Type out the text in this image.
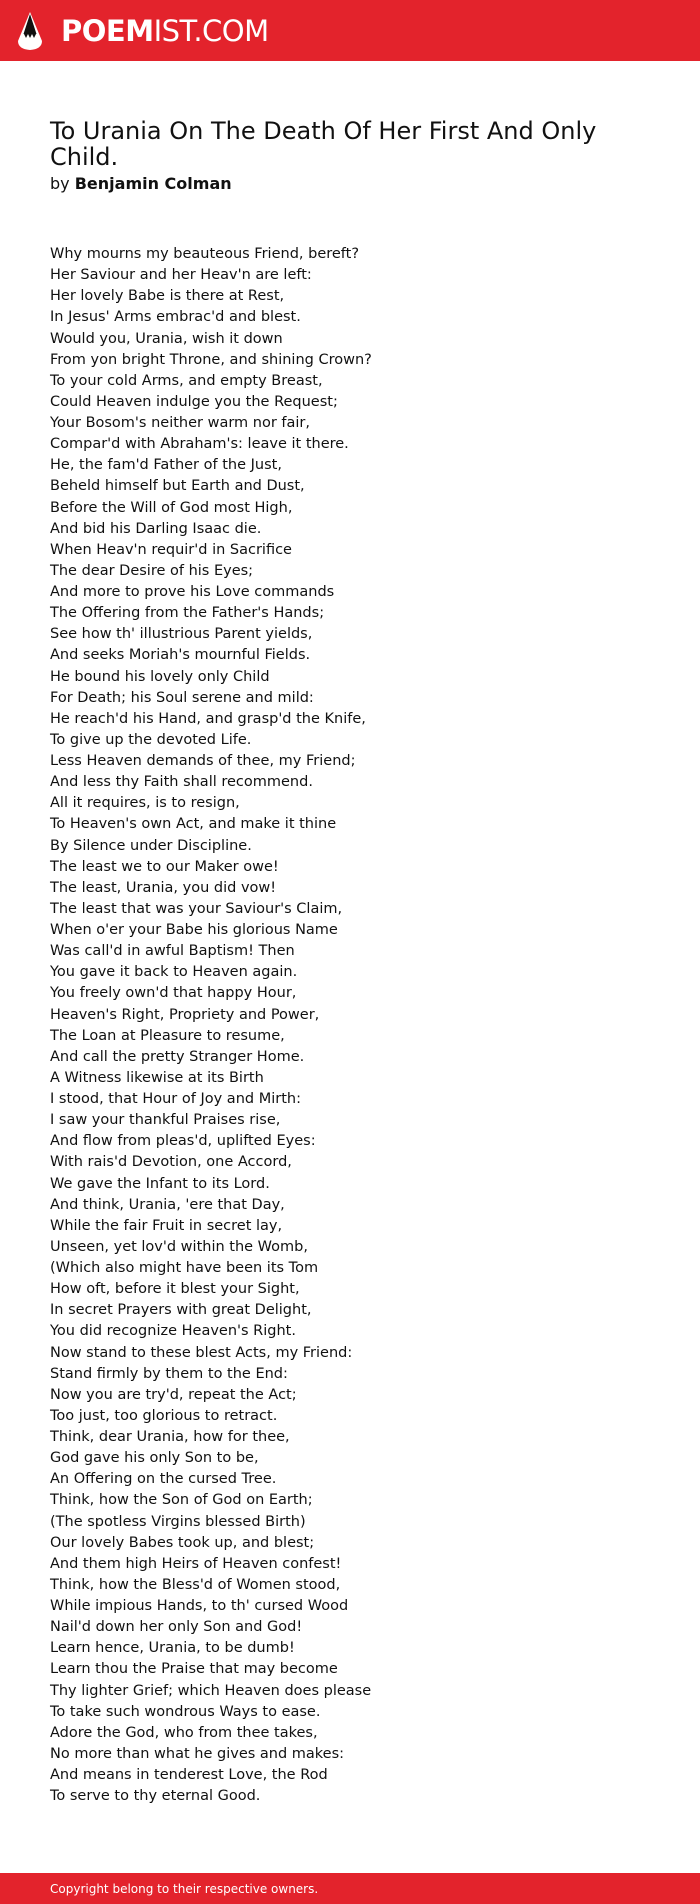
POEMIST.COM
To Urania On The Death Of Her First And Only Child.
by Benjamin Colman
Why mourns my beauteous Friend, bereft?
Her Saviour and her Heav'n are left:
Her lovely Babe is there at Rest,
In Jesus' Arms embrac'd and blest.
Would you, Urania, wish it down
From yon bright Throne, and shining Crown?
To your cold Arms, and empty Breast,
Could Heaven indulge you the Request;
Your Bosom's neither warm nor fair,
Compar'd with Abraham's: leave it there.
He, the fam'd Father of the Just,
Beheld himself but Earth and Dust,
Before the Will of God most High,
And bid his Darling Isaac die.
When Heav'n requir'd in Sacrifice
The dear Desire of his Eyes;
And more to prove his Love commands
The Offering from the Father's Hands;
See how th' illustrious Parent yields,
And seeks Moriah's mournful Fields.
He bound his lovely only Child
For Death; his Soul serene and mild:
He reach'd his Hand, and grasp'd the Knife,
To give up the devoted Life.
Less Heaven demands of thee, my Friend;
And less thy Faith shall recommend.
All it requires, is to resign,
To Heaven's own Act, and make it thine
By Silence under Discipline.
The least we to our Maker owe!
The least, Urania, you did vow!
The least that was your Saviour's Claim,
When o'er your Babe his glorious Name
Was call'd in awful Baptism! Then
You gave it back to Heaven again.
You freely own'd that happy Hour,
Heaven's Right, Propriety and Power,
The Loan at Pleasure to resume,
And call the pretty Stranger Home.
A Witness likewise at its Birth
I stood, that Hour of Joy and Mirth:
I saw your thankful Praises rise,
And flow from pleas'd, uplifted Eyes:
With rais'd Devotion, one Accord,
We gave the Infant to its Lord.
And think, Urania, 'ere that Day,
While the fair Fruit in secret lay,
Unseen, yet lov'd within the Womb,
(Which also might have been its Tom
How oft, before it blest your Sight,
In secret Prayers with great Delight,
You did recognize Heaven's Right.
Now stand to these blest Acts, my Friend:
Stand firmly by them to the End:
Now you are try'd, repeat the Act;
Too just, too glorious to retract.
Think, dear Urania, how for thee,
God gave his only Son to be,
An Offering on the cursed Tree.
Think, how the Son of God on Earth;
(The spotless Virgins blessed Birth)
Our lovely Babes took up, and blest;
And them high Heirs of Heaven confest!
Think, how the Bless'd of Women stood,
While impious Hands, to th' cursed Wood
Nail'd down her only Son and God!
Learn hence, Urania, to be dumb!
Learn thou the Praise that may become
Thy lighter Grief; which Heaven does please
To take such wondrous Ways to ease.
Adore the God, who from thee takes,
No more than what he gives and makes:
And means in tenderest Love, the Rod
To serve to thy eternal Good.
Copyright belong to their respective owners.
